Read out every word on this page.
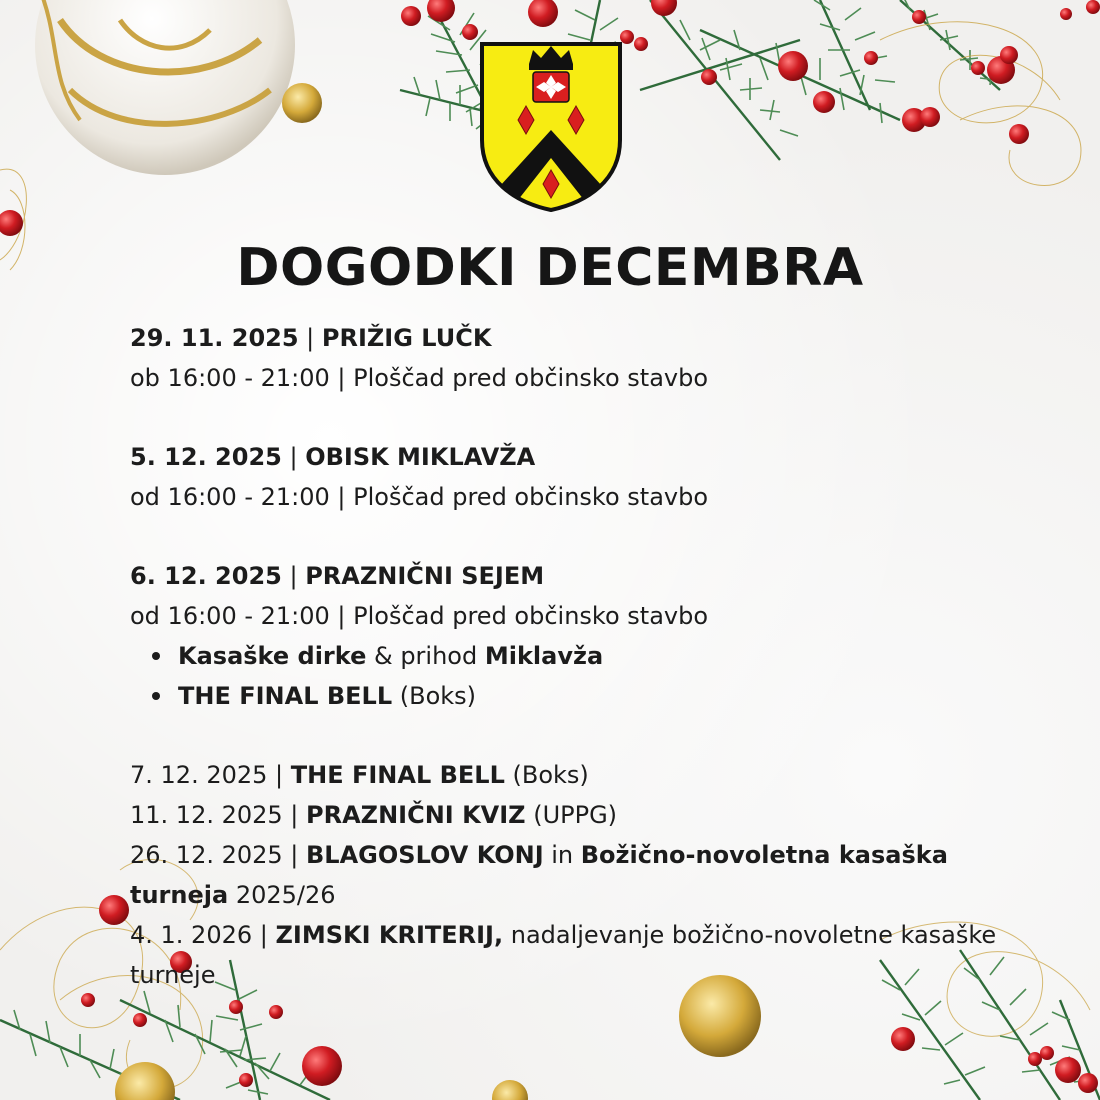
DOGODKI DECEMBRA
29. 11. 2025 | PRIŽIG LUČK
ob 16:00 - 21:00 | Ploščad pred občinsko stavbo
5. 12. 2025 | OBISK MIKLAVŽA
od 16:00 - 21:00 | Ploščad pred občinsko stavbo
6. 12. 2025 | PRAZNIČNI SEJEM
od 16:00 - 21:00 | Ploščad pred občinsko stavbo
Kasaške dirke & prihod Miklavža
THE FINAL BELL (Boks)
7. 12. 2025 | THE FINAL BELL (Boks)
11. 12. 2025 | PRAZNIČNI KVIZ (UPPG)
26. 12. 2025 | BLAGOSLOV KONJ in Božično-novoletna kasaška turneja 2025/26
4. 1. 2026 | ZIMSKI KRITERIJ, nadaljevanje božično-novoletne kasaške turneje
